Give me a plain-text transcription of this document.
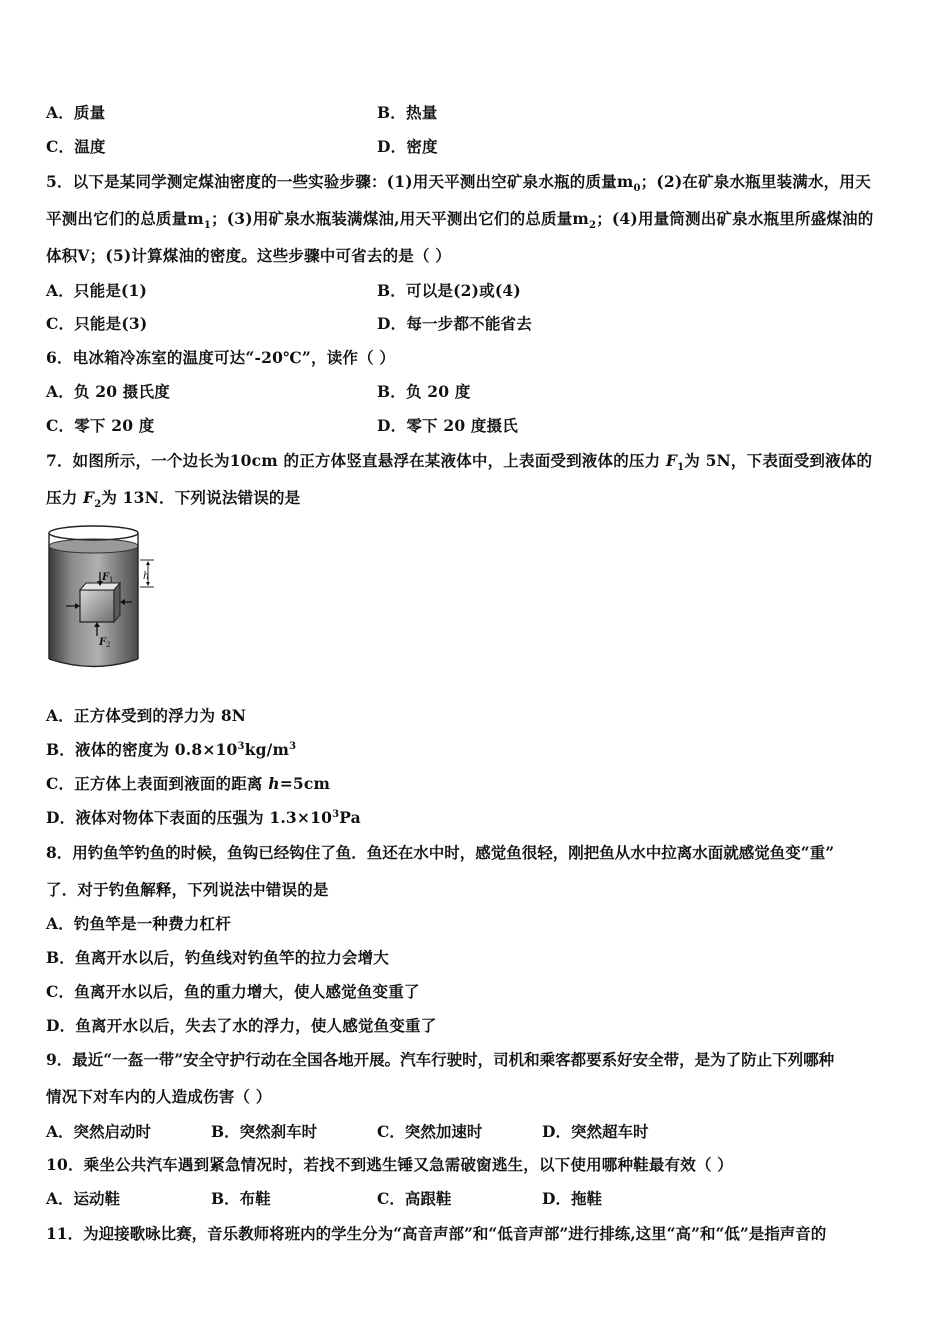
A．质量	B．热量
C．温度	D．密度
5．以下是某同学测定煤油密度的一些实验步骤：(1)用天平测出空矿泉水瓶的质量$m_0$；(2)在矿泉水瓶里装满水，用天
平测出它们的总质量$m_1$；(3)用矿泉水瓶装满煤油,用天平测出它们的总质量$m_2$；(4)用量筒测出矿泉水瓶里所盛煤油的
体积V；(5)计算煤油的密度。这些步骤中可省去的是（ ）
A．只能是(1)	B．可以是(2)或(4)
C．只能是(3)	D．每一步都不能省去
6．电冰箱冷冻室的温度可达“-20℃”，读作（ ）
A．负 20 摄氏度	B．负 20 度
C．零下 20 度	D．零下 20 度摄氏
7．如图所示，一个边长为10cm 的正方体竖直悬浮在某液体中，上表面受到液体的压力 $F_1$为 5N，下表面受到液体的
压力 $F_2$为 13N．下列说法错误的是
h
F 1
F 2
A．正方体受到的浮力为 8N
B．液体的密度为 $0.8\times 10^3kg/m^3$
C．正方体上表面到液面的距离 h=5cm
D．液体对物体下表面的压强为 $1.3\times 10^3Pa$
8．用钓鱼竿钓鱼的时候，鱼钩已经钩住了鱼．鱼还在水中时，感觉鱼很轻，刚把鱼从水中拉离水面就感觉鱼变“重”
了．对于钓鱼解释，下列说法中错误的是
A．钓鱼竿是一种费力杠杆
B．鱼离开水以后，钓鱼线对钓鱼竿的拉力会增大
C．鱼离开水以后，鱼的重力增大，使人感觉鱼变重了
D．鱼离开水以后，失去了水的浮力，使人感觉鱼变重了
9．最近“一盔一带”安全守护行动在全国各地开展。汽车行驶时，司机和乘客都要系好安全带，是为了防止下列哪种
情况下对车内的人造成伤害（ ）
A．突然启动时	B．突然刹车时	C．突然加速时	D．突然超车时
10．乘坐公共汽车遇到紧急情况时，若找不到逃生锤又急需破窗逃生，以下使用哪种鞋最有效（ ）
A．运动鞋	B．布鞋	C．高跟鞋	D．拖鞋
11．为迎接歌咏比赛，音乐教师将班内的学生分为“高音声部”和“低音声部”进行排练,这里“高”和“低”是指声音的
